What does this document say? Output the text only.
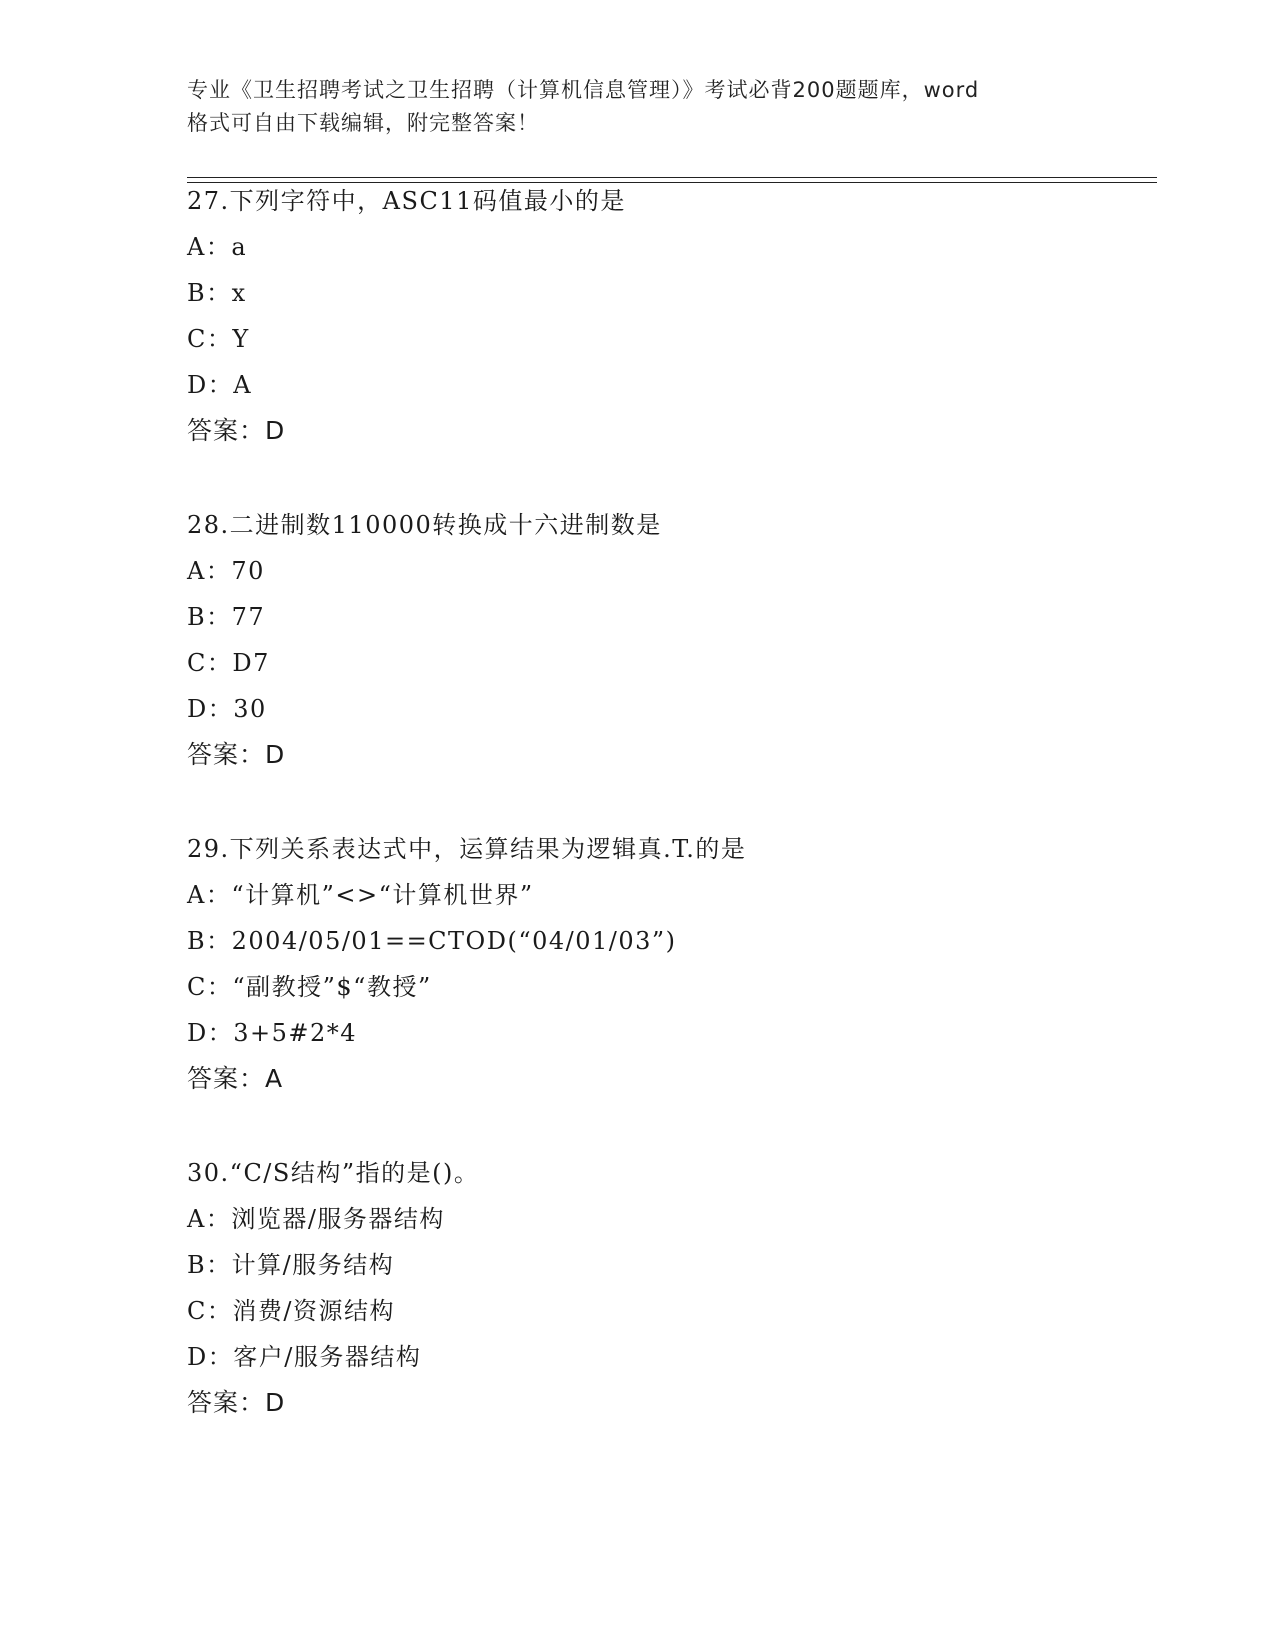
专业《卫生招聘考试之卫生招聘（计算机信息管理）》考试必背200题题库，word
格式可自由下载编辑，附完整答案！
27.下列字符中，ASC11码值最小的是
A：a
B：x
C：Y
D：A
答案：D
28.二进制数110000转换成十六进制数是
A：70
B：77
C：D7
D：30
答案：D
29.下列关系表达式中，运算结果为逻辑真.T.的是
A：“计算机”<>“计算机世界”
B：2004/05/01==CTOD(“04/01/03”)
C：“副教授”$“教授”
D：3+5#2*4
答案：A
30.“C/S结构”指的是()。
A：浏览器/服务器结构
B：计算/服务结构
C：消费/资源结构
D：客户/服务器结构
答案：D
